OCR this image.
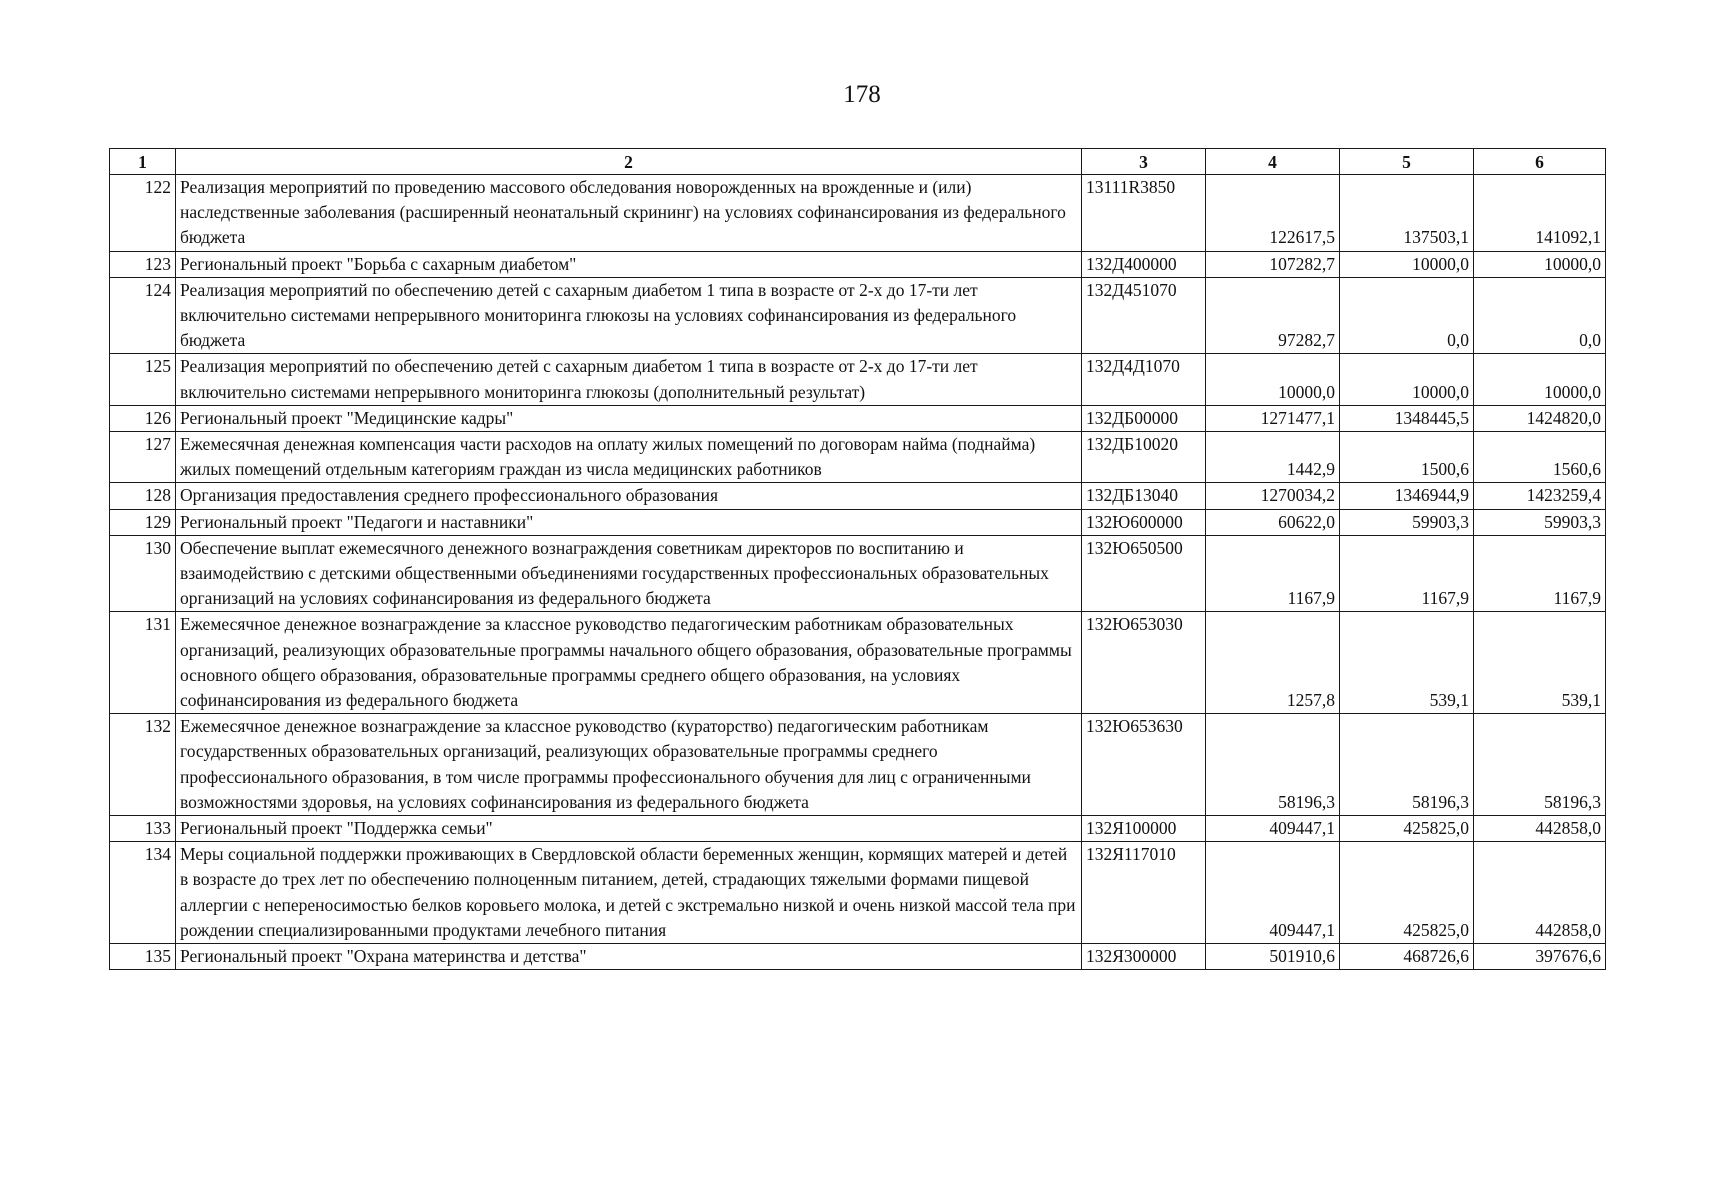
178
1	2	3	4	5	6
122	Реализация мероприятий по проведению массового обследования новорожденных на врожденные и (или) наследственные заболевания (расширенный неонатальный скрининг) на условиях софинансирования из федерального бюджета	13111R3850	122617,5	137503,1	141092,1
123	Региональный проект "Борьба с сахарным диабетом"	132Д400000	107282,7	10000,0	10000,0
124	Реализация мероприятий по обеспечению детей с сахарным диабетом 1 типа в возрасте от 2-х до 17-ти лет включительно системами непрерывного мониторинга глюкозы на условиях софинансирования из федерального бюджета	132Д451070	97282,7	0,0	0,0
125	Реализация мероприятий по обеспечению детей с сахарным диабетом 1 типа в возрасте от 2-х до 17-ти лет включительно системами непрерывного мониторинга глюкозы (дополнительный результат)	132Д4Д1070	10000,0	10000,0	10000,0
126	Региональный проект "Медицинские кадры"	132ДБ00000	1271477,1	1348445,5	1424820,0
127	Ежемесячная денежная компенсация части расходов на оплату жилых помещений по договорам найма (поднайма) жилых помещений отдельным категориям граждан из числа медицинских работников	132ДБ10020	1442,9	1500,6	1560,6
128	Организация предоставления среднего профессионального образования	132ДБ13040	1270034,2	1346944,9	1423259,4
129	Региональный проект "Педагоги и наставники"	132Ю600000	60622,0	59903,3	59903,3
130	Обеспечение выплат ежемесячного денежного вознаграждения советникам директоров по воспитанию и взаимодействию с детскими общественными объединениями государственных профессиональных образовательных организаций на условиях софинансирования из федерального бюджета	132Ю650500	1167,9	1167,9	1167,9
131	Ежемесячное денежное вознаграждение за классное руководство педагогическим работникам образовательных организаций, реализующих образовательные программы начального общего образования, образовательные программы основного общего образования, образовательные программы среднего общего образования, на условиях софинансирования из федерального бюджета	132Ю653030	1257,8	539,1	539,1
132	Ежемесячное денежное вознаграждение за классное руководство (кураторство) педагогическим работникам государственных образовательных организаций, реализующих образовательные программы среднего профессионального образования, в том числе программы профессионального обучения для лиц с ограниченными возможностями здоровья, на условиях софинансирования из федерального бюджета	132Ю653630	58196,3	58196,3	58196,3
133	Региональный проект "Поддержка семьи"	132Я100000	409447,1	425825,0	442858,0
134	Меры социальной поддержки проживающих в Свердловской области беременных женщин, кормящих матерей и детей в возрасте до трех лет по обеспечению полноценным питанием, детей, страдающих тяжелыми формами пищевой аллергии с непереносимостью белков коровьего молока, и детей с экстремально низкой и очень низкой массой тела при рождении специализированными продуктами лечебного питания	132Я117010	409447,1	425825,0	442858,0
135	Региональный проект "Охрана материнства и детства"	132Я300000	501910,6	468726,6	397676,6
